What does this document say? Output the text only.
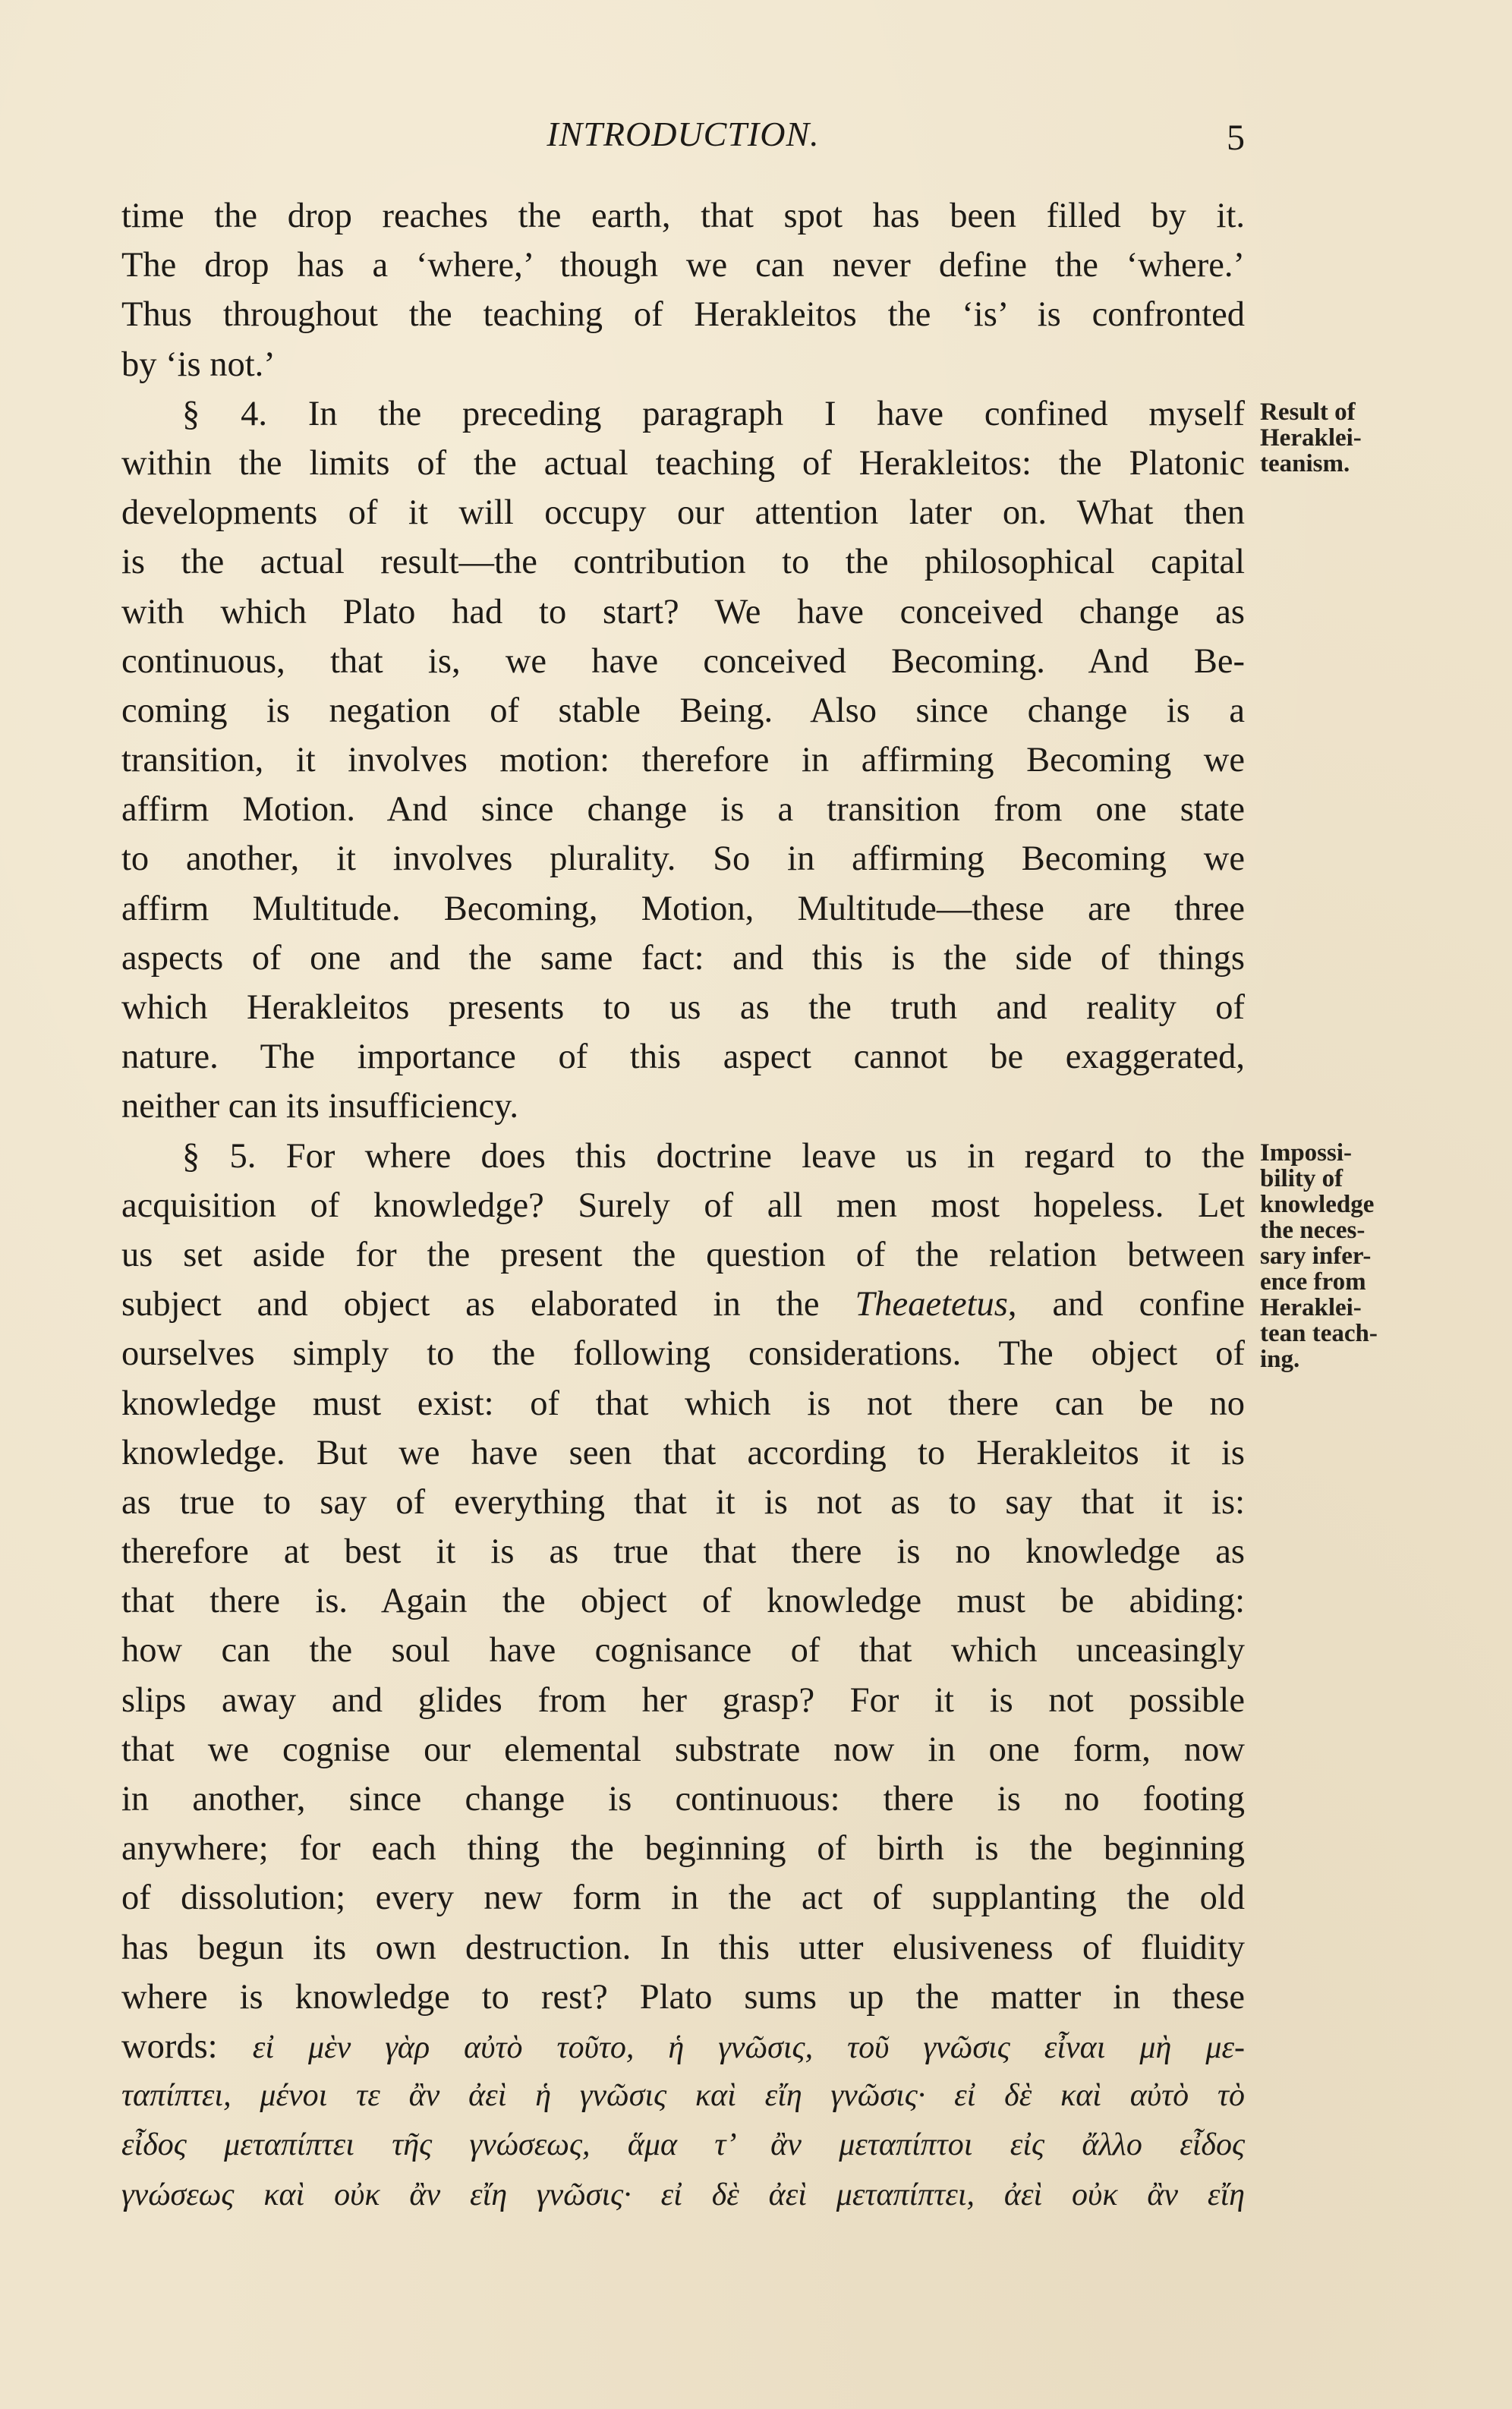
INTRODUCTION.	5
time the drop reaches the earth, that spot has been filled by it.
The drop has a ‘where,’ though we can never define the ‘where.’
Thus throughout the teaching of Herakleitos the ‘is’ is confronted
by ‘is not.’
§ 4. In the preceding paragraph I have confined myself
within the limits of the actual teaching of Herakleitos: the Platonic
developments of it will occupy our attention later on. What then
is the actual result—the contribution to the philosophical capital
with which Plato had to start? We have conceived change as
continuous, that is, we have conceived Becoming. And Be-
coming is negation of stable Being. Also since change is a
transition, it involves motion: therefore in affirming Becoming we
affirm Motion. And since change is a transition from one state
to another, it involves plurality. So in affirming Becoming we
affirm Multitude. Becoming, Motion, Multitude—these are three
aspects of one and the same fact: and this is the side of things
which Herakleitos presents to us as the truth and reality of
nature. The importance of this aspect cannot be exaggerated,
neither can its insufficiency.
§ 5. For where does this doctrine leave us in regard to the
acquisition of knowledge? Surely of all men most hopeless. Let
us set aside for the present the question of the relation between
subject and object as elaborated in the Theaetetus, and confine
ourselves simply to the following considerations. The object of
knowledge must exist: of that which is not there can be no
knowledge. But we have seen that according to Herakleitos it is
as true to say of everything that it is not as to say that it is:
therefore at best it is as true that there is no knowledge as
that there is. Again the object of knowledge must be abiding:
how can the soul have cognisance of that which unceasingly
slips away and glides from her grasp? For it is not possible
that we cognise our elemental substrate now in one form, now
in another, since change is continuous: there is no footing
anywhere; for each thing the beginning of birth is the beginning
of dissolution; every new form in the act of supplanting the old
has begun its own destruction. In this utter elusiveness of fluidity
where is knowledge to rest? Plato sums up the matter in these
words: εἰ μὲν γὰρ αὐτὸ τοῦτο, ἡ γνῶσις, τοῦ γνῶσις εἶναι μὴ με-
ταπίπτει, μένοι τε ἂν ἀεὶ ἡ γνῶσις καὶ εἴη γνῶσις· εἰ δὲ καὶ αὐτὸ τὸ
εἶδος μεταπίπτει τῆς γνώσεως, ἅμα τ’ ἂν μεταπίπτοι εἰς ἄλλο εἶδος
γνώσεως καὶ οὐκ ἂν εἴη γνῶσις· εἰ δὲ ἀεὶ μεταπίπτει, ἀεὶ οὐκ ἂν εἴη
Result of
Heraklei-
teanism.
Impossi-
bility of
knowledge
the neces-
sary infer-
ence from
Heraklei-
tean teach-
ing.
